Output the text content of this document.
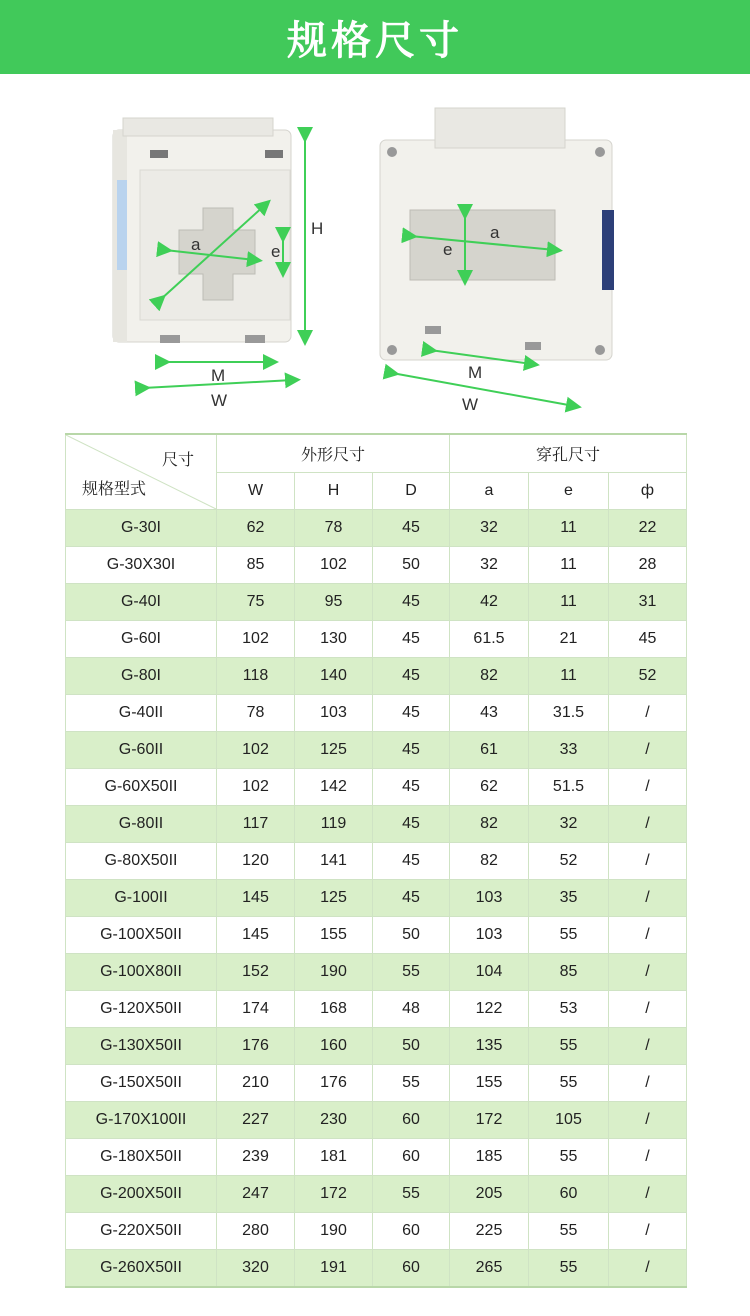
规格尺寸
H
a	e
M
W
a
e
M
W
尺寸
规格型式	外形尺寸			穿孔尺寸		
	W	H	D	a	e	ф
G-30I	62	78	45	32	11	22
G-30X30I	85	102	50	32	11	28
G-40I	75	95	45	42	11	31
G-60I	102	130	45	61.5	21	45
G-80I	118	140	45	82	11	52
G-40II	78	103	45	43	31.5	/
G-60II	102	125	45	61	33	/
G-60X50II	102	142	45	62	51.5	/
G-80II	117	119	45	82	32	/
G-80X50II	120	141	45	82	52	/
G-100II	145	125	45	103	35	/
G-100X50II	145	155	50	103	55	/
G-100X80II	152	190	55	104	85	/
G-120X50II	174	168	48	122	53	/
G-130X50II	176	160	50	135	55	/
G-150X50II	210	176	55	155	55	/
G-170X100II	227	230	60	172	105	/
G-180X50II	239	181	60	185	55	/
G-200X50II	247	172	55	205	60	/
G-220X50II	280	190	60	225	55	/
G-260X50II	320	191	60	265	55	/
